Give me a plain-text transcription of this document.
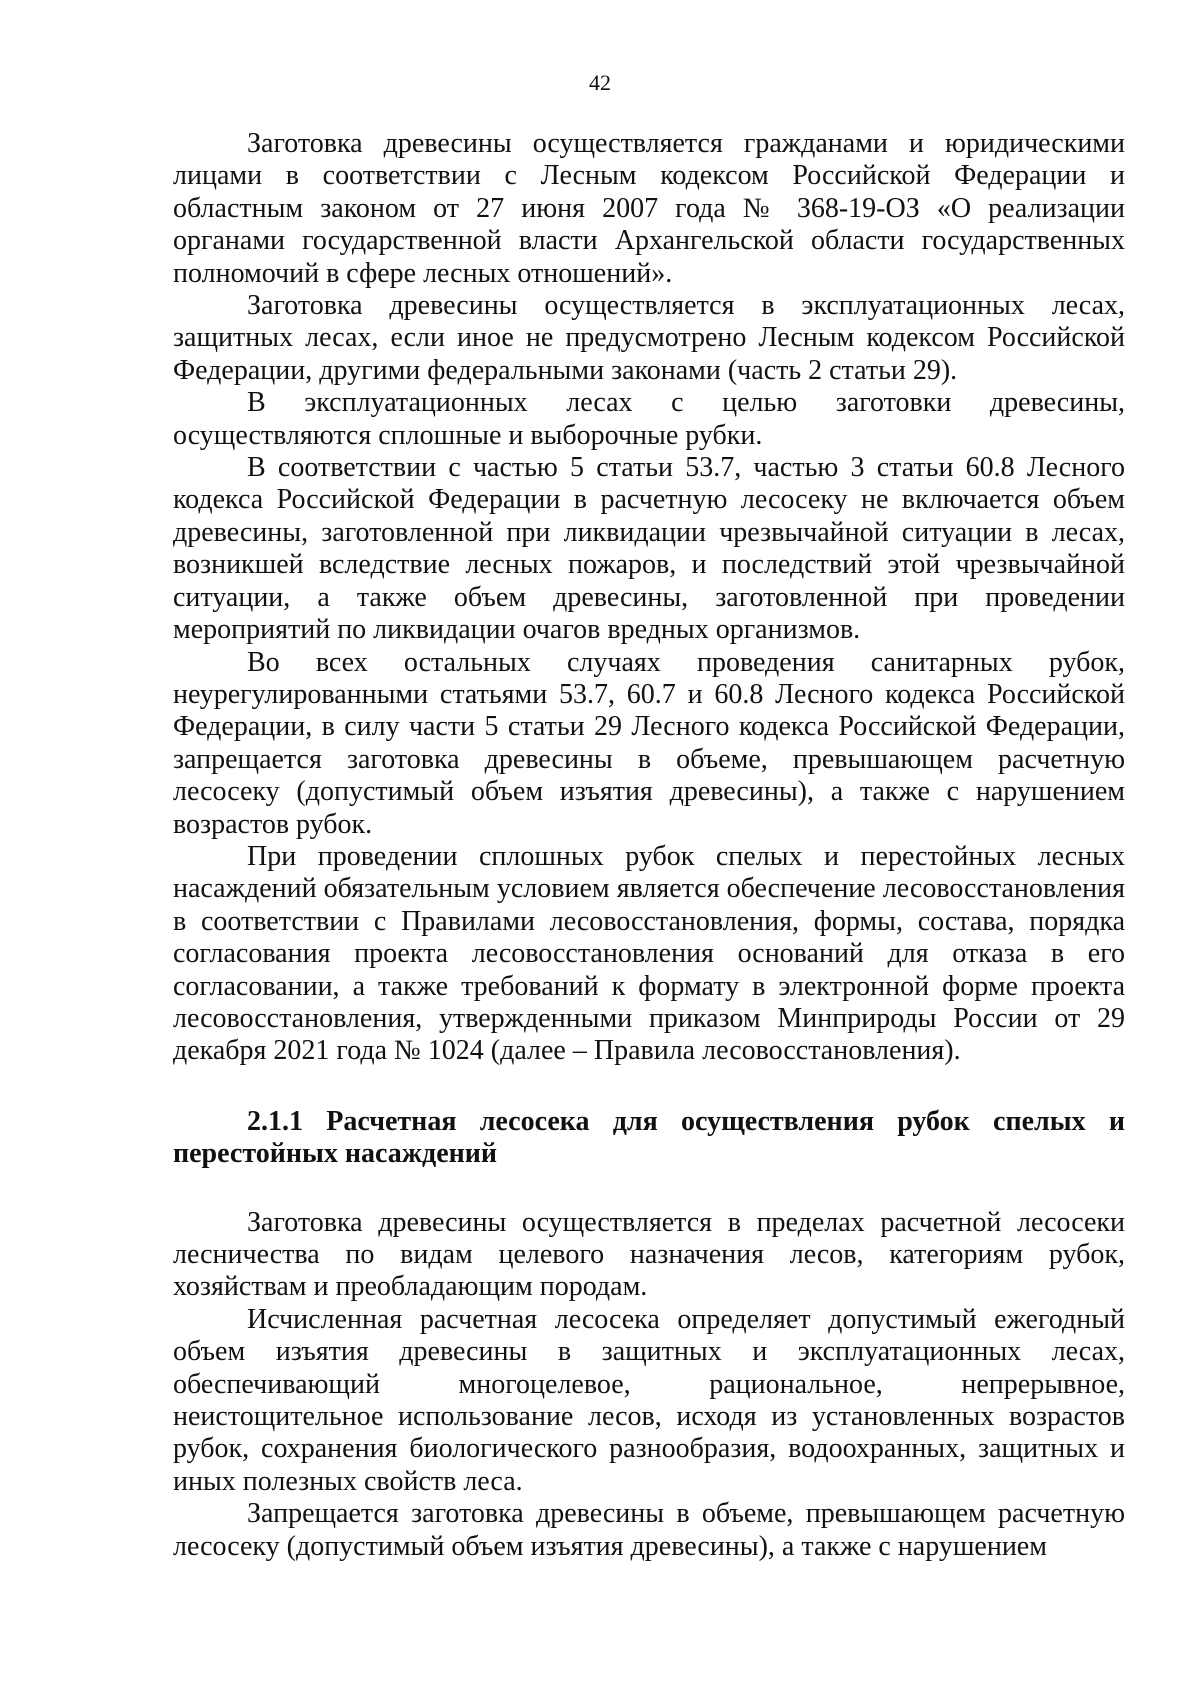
42

Заготовка древесины осуществляется гражданами и юридическими лицами в соответствии с Лесным кодексом Российской Федерации и областным законом от 27 июня 2007 года № 368-19-ОЗ «О реализации органами государственной власти Архангельской области государственных полномочий в сфере лесных отношений».

Заготовка древесины осуществляется в эксплуатационных лесах, защитных лесах, если иное не предусмотрено Лесным кодексом Российской Федерации, другими федеральными законами (часть 2 статьи 29).

В эксплуатационных лесах с целью заготовки древесины, осуществляются сплошные и выборочные рубки.

В соответствии с частью 5 статьи 53.7, частью 3 статьи 60.8 Лесного кодекса Российской Федерации в расчетную лесосеку не включается объем древесины, заготовленной при ликвидации чрезвычайной ситуации в лесах, возникшей вследствие лесных пожаров, и последствий этой чрезвычайной ситуации, а также объем древесины, заготовленной при проведении мероприятий по ликвидации очагов вредных организмов.

Во всех остальных случаях проведения санитарных рубок, неурегулированными статьями 53.7, 60.7 и 60.8 Лесного кодекса Российской Федерации, в силу части 5 статьи 29 Лесного кодекса Российской Федерации, запрещается заготовка древесины в объеме, превышающем расчетную лесосеку (допустимый объем изъятия древесины), а также с нарушением возрастов рубок.

При проведении сплошных рубок спелых и перестойных лесных насаждений обязательным условием является обеспечение лесовосстановления в соответствии с Правилами лесовосстановления, формы, состава, порядка согласования проекта лесовосстановления оснований для отказа в его согласовании, а также требований к формату в электронной форме проекта лесовосстановления, утвержденными приказом Минприроды России от 29 декабря 2021 года № 1024 (далее – Правила лесовосстановления).

2.1.1 Расчетная лесосека для осуществления рубок спелых и перестойных насаждений

Заготовка древесины осуществляется в пределах расчетной лесосеки лесничества по видам целевого назначения лесов, категориям рубок, хозяйствам и преобладающим породам.

Исчисленная расчетная лесосека определяет допустимый ежегодный объем изъятия древесины в защитных и эксплуатационных лесах, обеспечивающий многоцелевое, рациональное, непрерывное, неистощительное использование лесов, исходя из установленных возрастов рубок, сохранения биологического разнообразия, водоохранных, защитных и иных полезных свойств леса.

Запрещается заготовка древесины в объеме, превышающем расчетную лесосеку (допустимый объем изъятия древесины), а также с нарушением
